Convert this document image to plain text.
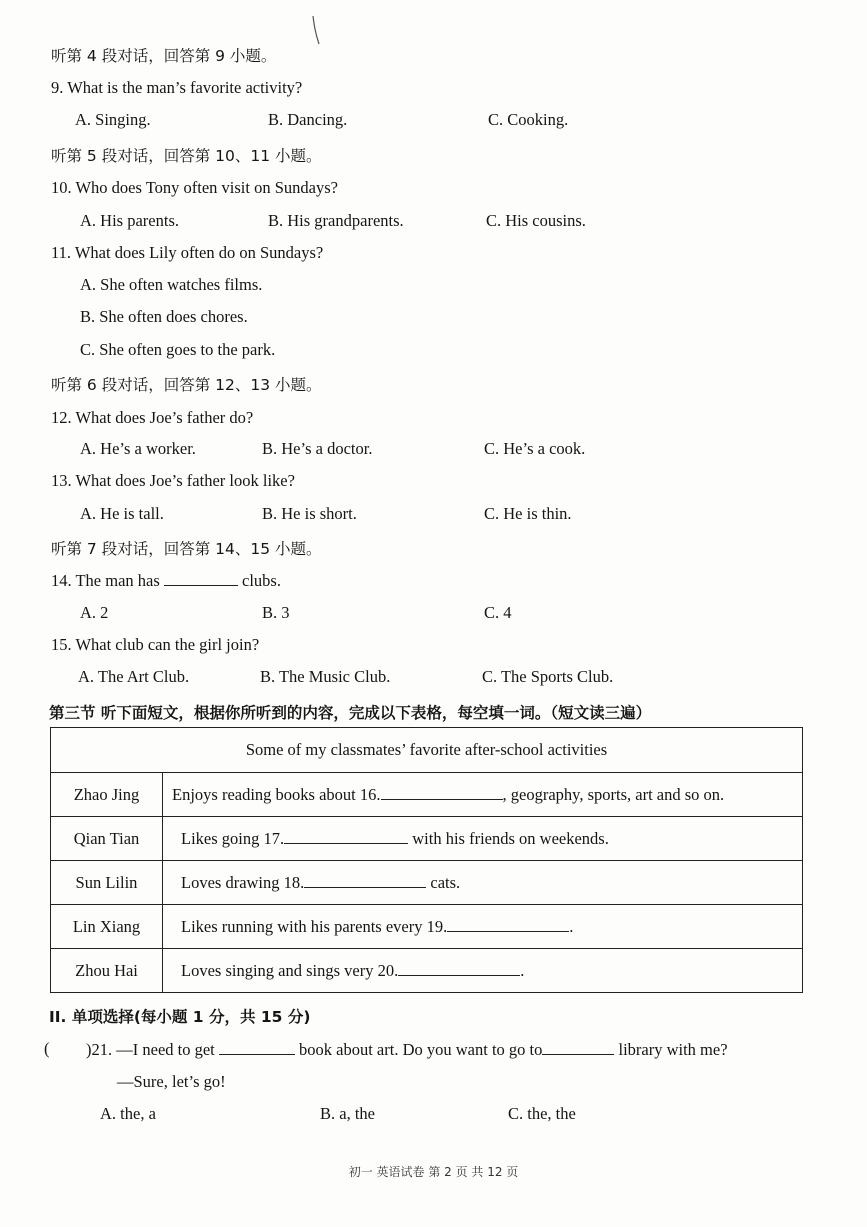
听第 4 段对话，回答第 9 小题。
9. What is the man’s favorite activity?
A. Singing.	B. Dancing.	C. Cooking.
听第 5 段对话，回答第 10、11 小题。
10. Who does Tony often visit on Sundays?
A. His parents.	B. His grandparents.	C. His cousins.
11. What does Lily often do on Sundays?
A. She often watches films.
B. She often does chores.
C. She often goes to the park.
听第 6 段对话，回答第 12、13 小题。
12. What does Joe’s father do?
A. He’s a worker.	B. He’s a doctor.	C. He’s a cook.
13. What does Joe’s father look like?
A. He is tall.	B. He is short.	C. He is thin.
听第 7 段对话，回答第 14、15 小题。
14. The man has	clubs.
A. 2	B. 3	C. 4
15. What club can the girl join?
A. The Art Club.	B. The Music Club.	C. The Sports Club.
第三节 听下面短文，根据你所听到的内容，完成以下表格，每空填一词。（短文读三遍）
Some of my classmates’ favorite after-school activities	
Zhao Jing	Enjoys reading books about 16. , geography, sports, art and so on.
Qian Tian	Likes going 17. with his friends on weekends.
Sun Lilin	Loves drawing 18. cats.
Lin Xiang	Likes running with his parents every 19. .
Zhou Hai	Loves singing and sings very 20. .
II. 单项选择(每小题 1 分，共 15 分)
( )21. —I need to get	book about art. Do you want to go to	library with me?
—Sure, let’s go!
A. the, a	B. a, the	C. the, the
初一 英语试卷 第 2 页 共 12 页
